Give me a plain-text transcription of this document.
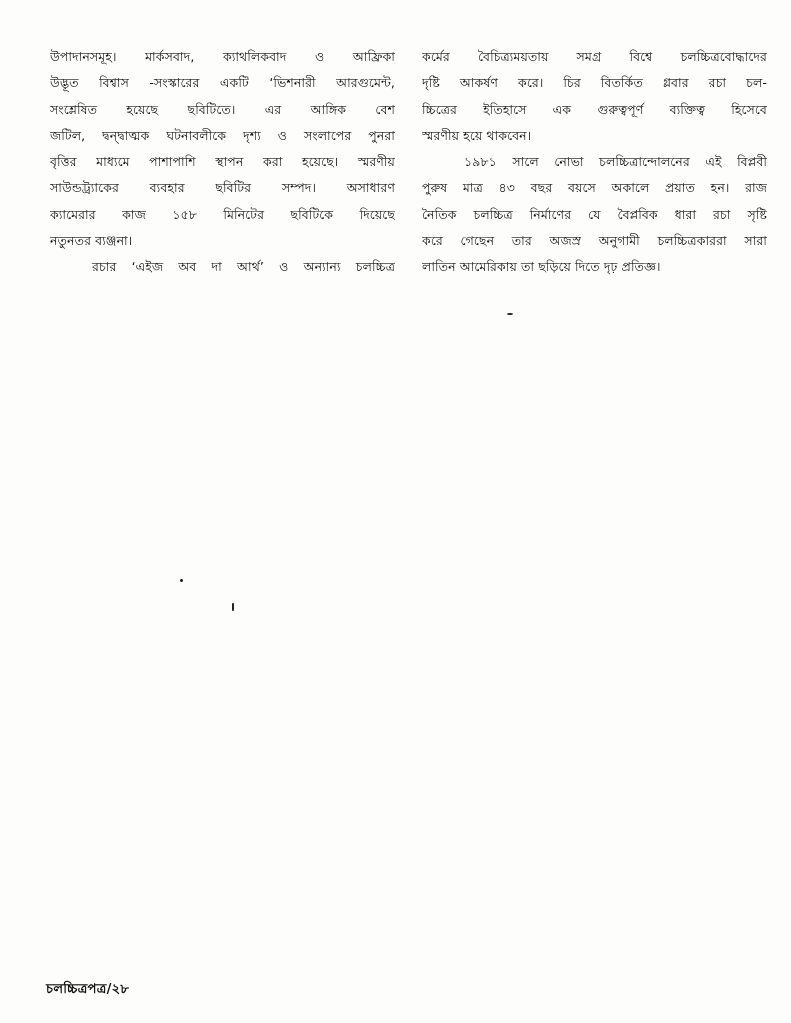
উপাদানসমূহ। মার্কসবাদ, ক্যাথলিকবাদ ও আফ্রিকা
উদ্ভূত বিশ্বাস -সংস্কারের একটি ‘ভিশনারী আরগুমেন্ট,
সংশ্লেষিত হয়েছে ছবিটিতে। এর আঙ্গিক বেশ
জটিল, দ্বন্দ্বাত্মক ঘটনাবলীকে দৃশ্য ও সংলাপের পুনরা
বৃত্তির মাধ্যমে পাশাপাশি স্থাপন করা হয়েছে। স্মরণীয়
সাউন্ডট্র্যাকের ব্যবহার ছবিটির সম্পদ। অসাধারণ
ক্যামেরার কাজ ১৫৮ মিনিটের ছবিটিকে দিয়েছে
নতুনতর ব্যঞ্জনা।
রচার ‘এইজ অব দা আর্থ’ ও অন্যান্য চলচ্চিত্র
কর্মের বৈচিত্র্যময়তায় সমগ্র বিশ্বে চলচ্চিত্রবোদ্ধাদের
দৃষ্টি আকর্ষণ করে। চির বিতর্কিত গ্লবার রচা চল-
চ্চিত্রের ইতিহাসে এক গুরুত্বপূর্ণ ব্যক্তিত্ব হিসেবে
স্মরণীয় হয়ে থাকবেন।
১৯৮১ সালে নোভা চলচ্চিত্রান্দোলনের এই বিপ্লবী
পুরুষ মাত্র ৪৩ বছর বয়সে অকালে প্রয়াত হন। রাজ
নৈতিক চলচ্চিত্র নির্মাণের যে বৈপ্লবিক ধারা রচা সৃষ্টি
করে গেছেন তার অজস্র অনুগামী চলচ্চিত্রকাররা সারা
লাতিন আমেরিকায় তা ছড়িয়ে দিতে দৃঢ় প্রতিজ্ঞ।
চলচ্চিত্রপত্র/২৮
